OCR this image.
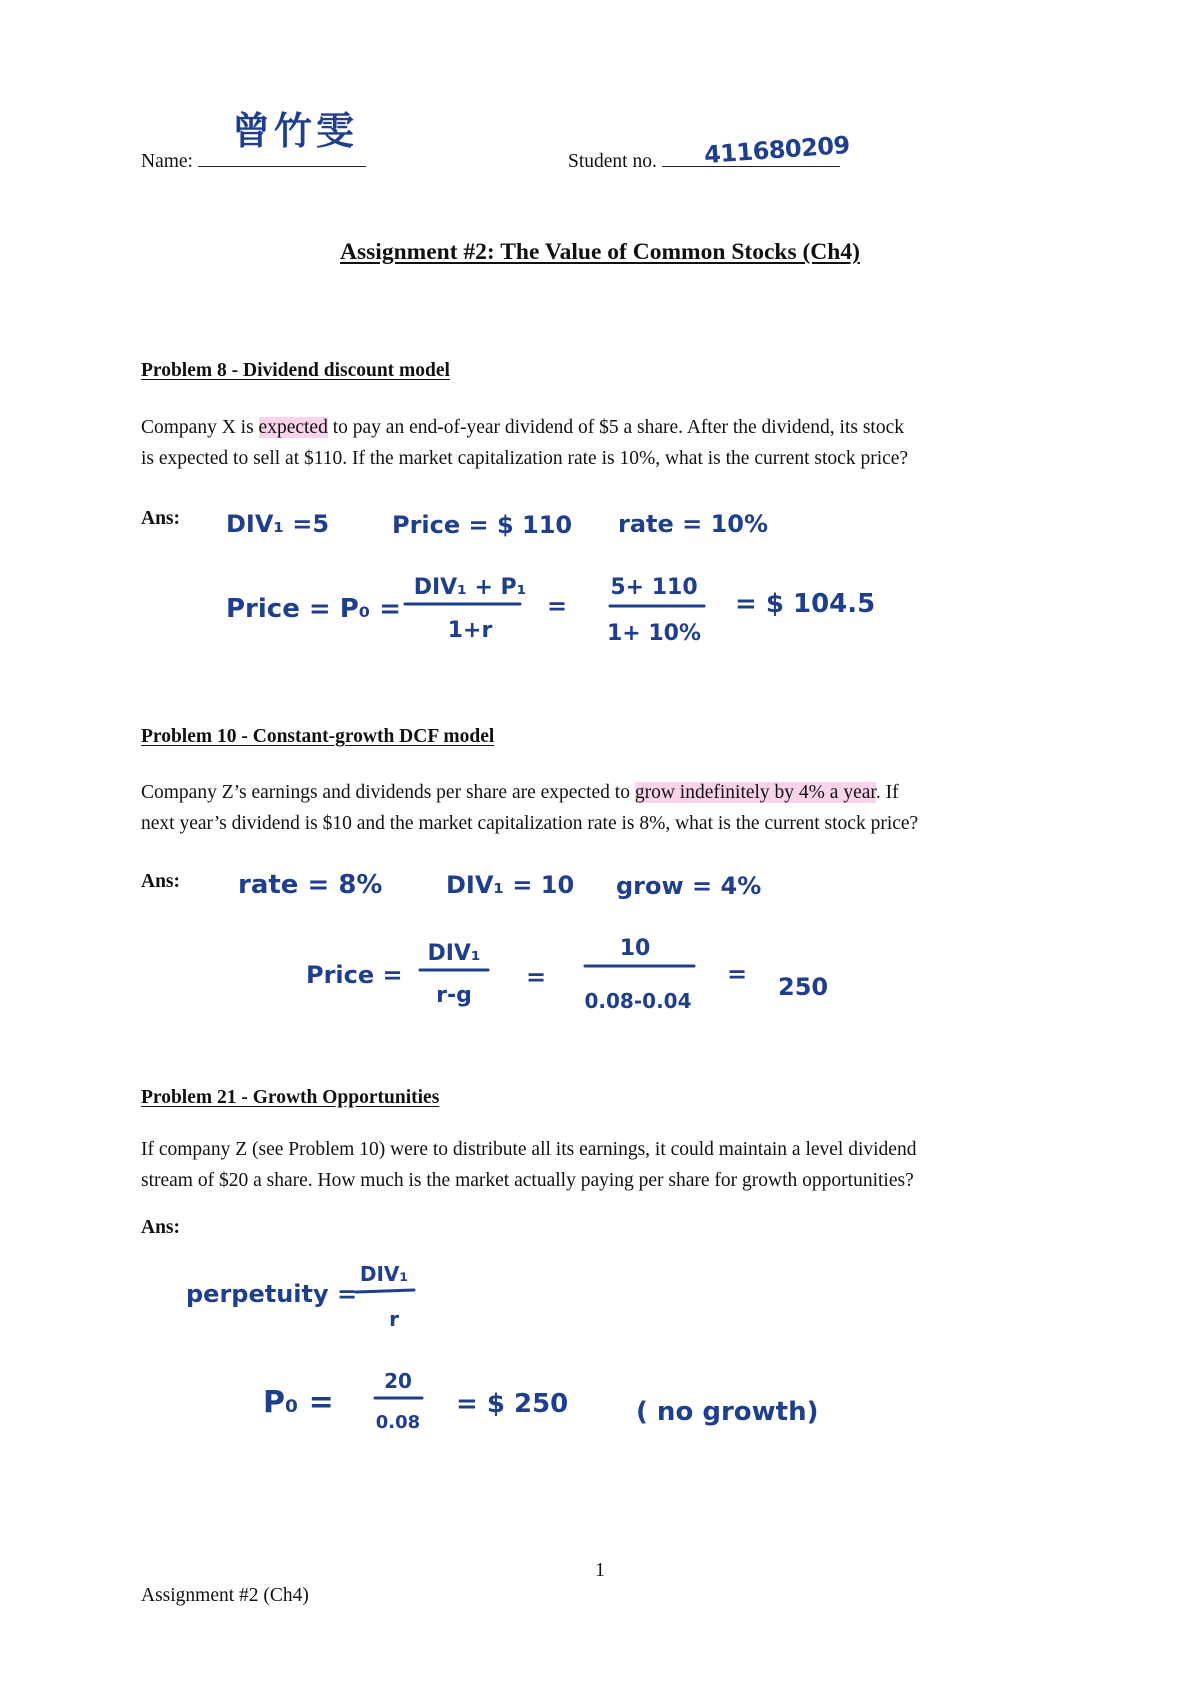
Name:	Student no.
曾竹雯	411680209
Assignment #2: The Value of Common Stocks (Ch4)
Problem 8 - Dividend discount model
Company X is expected to pay an end-of-year dividend of $5 a share. After the dividend, its stock
is expected to sell at $110. If the market capitalization rate is 10%, what is the current stock price?
Ans:
Problem 10 - Constant-growth DCF model
Company Z’s earnings and dividends per share are expected to grow indefinitely by 4% a year. If
next year’s dividend is $10 and the market capitalization rate is 8%, what is the current stock price?
Ans:
Problem 21 - Growth Opportunities
If company Z (see Problem 10) were to distribute all its earnings, it could maintain a level dividend
stream of $20 a share. How much is the market actually paying per share for growth opportunities?
Ans:
DIV₁ =5	Price = $ 110 rate = 10%
Price = P₀ =
DIV₁ + P₁
1+r
=
5+ 110
1+ 10%
= $ 104.5
rate = 8%	DIV₁ = 10 grow = 4%
Price =
DIV₁
r-g
=
10
0.08-0.04
= 250
perpetuity =
DIV₁
r
P₀ =
20
0.08
= $ 250	( no growth)
1
Assignment #2 (Ch4)
